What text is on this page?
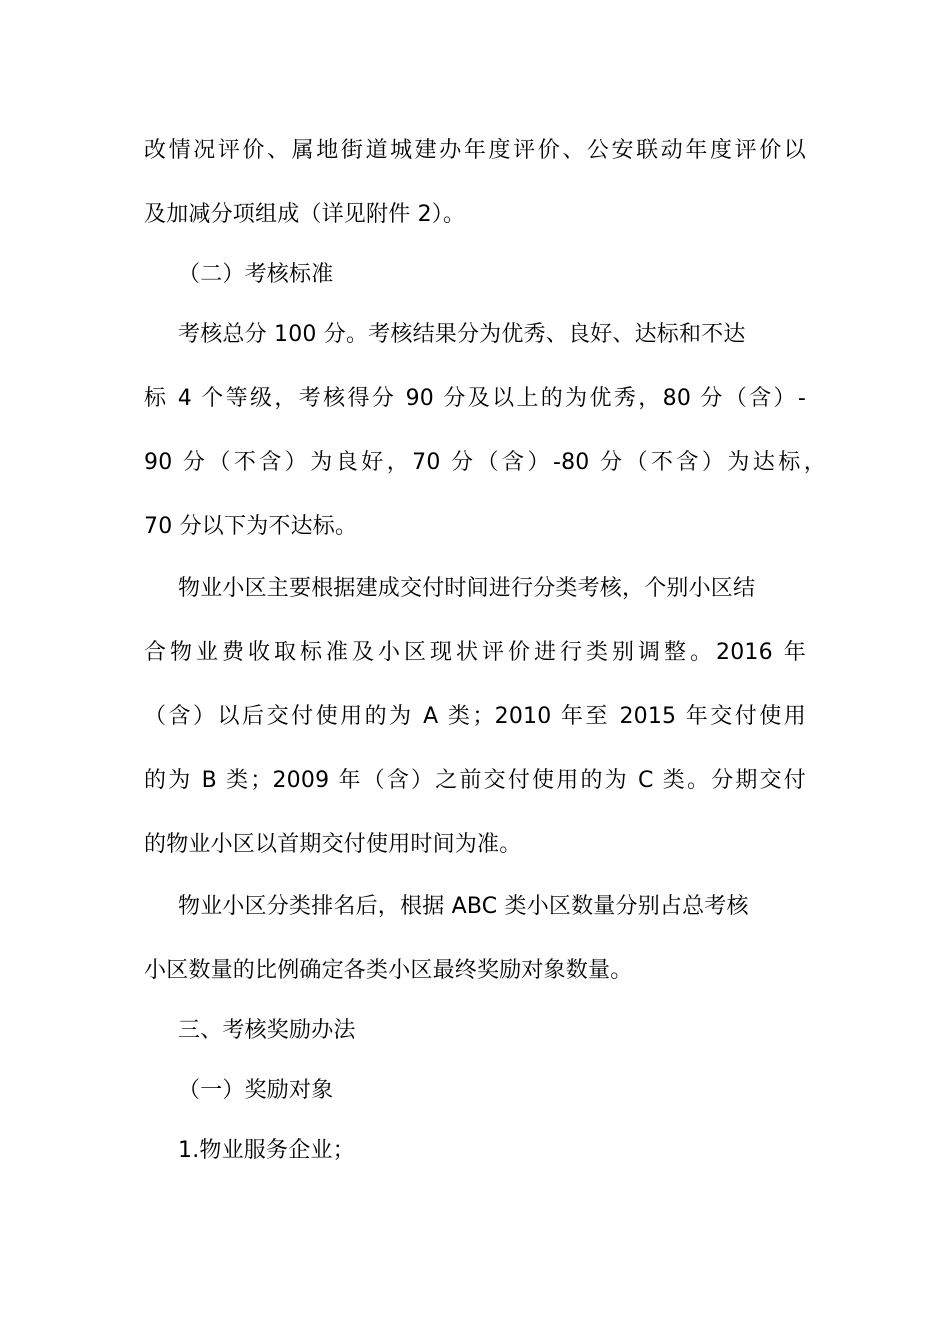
改情况评价、属地街道城建办年度评价、公安联动年度评价以
及加减分项组成（详见附件 2）。
（二）考核标准
考核总分 100 分。考核结果分为优秀、良好、达标和不达
标 4 个等级，考核得分 90 分及以上的为优秀，80 分（含）-
90 分（不含）为良好，70 分（含）-80 分（不含）为达标，
70 分以下为不达标。
物业小区主要根据建成交付时间进行分类考核，个别小区结
合物业费收取标准及小区现状评价进行类别调整。2016 年
（含）以后交付使用的为 A 类；2010 年至 2015 年交付使用
的为 B 类；2009 年（含）之前交付使用的为 C 类。分期交付
的物业小区以首期交付使用时间为准。
物业小区分类排名后，根据 ABC 类小区数量分别占总考核
小区数量的比例确定各类小区最终奖励对象数量。
三、考核奖励办法
（一）奖励对象
1.物业服务企业；
